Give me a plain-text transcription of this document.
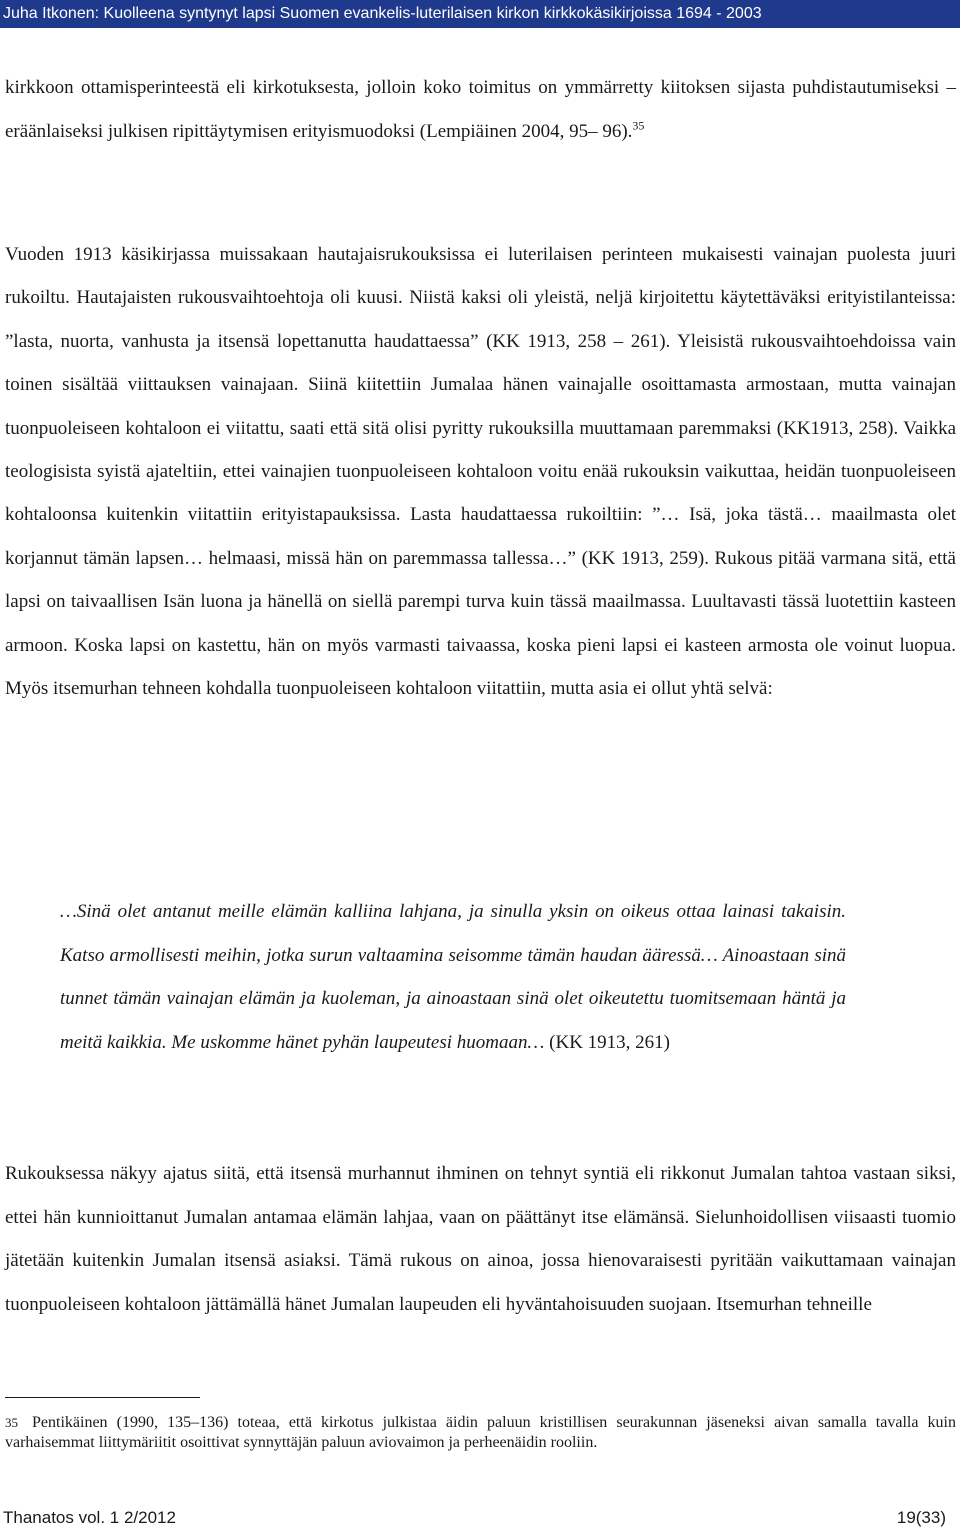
Juha Itkonen: Kuolleena syntynyt lapsi Suomen evankelis-luterilaisen kirkon kirkkokäsikirjoissa 1694 - 2003

kirkkoon ottamisperinteestä eli kirkotuksesta, jolloin koko toimitus on ymmärretty kiitoksen sijasta puhdistautumiseksi – eräänlaiseksi julkisen ripittäytymisen erityismuodoksi (Lempiäinen 2004, 95– 96).$^{35}$

Vuoden 1913 käsikirjassa muissakaan hautajaisrukouksissa ei luterilaisen perinteen mukaisesti vainajan puolesta juuri rukoiltu. Hautajaisten rukousvaihtoehtoja oli kuusi. Niistä kaksi oli yleistä, neljä kirjoitettu käytettäväksi erityistilanteissa: ”lasta, nuorta, vanhusta ja itsensä lopettanutta haudattaessa” (KK 1913, 258 – 261). Yleisistä rukousvaihtoehdoissa vain toinen sisältää viittauksen vainajaan. Siinä kiitettiin Jumalaa hänen vainajalle osoittamasta armostaan, mutta vainajan tuonpuoleiseen kohtaloon ei viitattu, saati että sitä olisi pyritty rukouksilla muuttamaan paremmaksi (KK1913, 258). Vaikka teologisista syistä ajateltiin, ettei vainajien tuonpuoleiseen kohtaloon voitu enää rukouksin vaikuttaa, heidän tuonpuoleiseen kohtaloonsa kuitenkin viitattiin erityistapauksissa. Lasta haudattaessa rukoiltiin: ”… Isä, joka tästä… maailmasta olet korjannut tämän lapsen… helmaasi, missä hän on paremmassa tallessa…” (KK 1913, 259). Rukous pitää varmana sitä, että lapsi on taivaallisen Isän luona ja hänellä on siellä parempi turva kuin tässä maailmassa. Luultavasti tässä luotettiin kasteen armoon. Koska lapsi on kastettu, hän on myös varmasti taivaassa, koska pieni lapsi ei kasteen armosta ole voinut luopua. Myös itsemurhan tehneen kohdalla tuonpuoleiseen kohtaloon viitattiin, mutta asia ei ollut yhtä selvä:

…Sinä olet antanut meille elämän kalliina lahjana, ja sinulla yksin on oikeus ottaa lainasi takaisin. Katso armollisesti meihin, jotka surun valtaamina seisomme tämän haudan ääressä… Ainoastaan sinä tunnet tämän vainajan elämän ja kuoleman, ja ainoastaan sinä olet oikeutettu tuomitsemaan häntä ja meitä kaikkia. Me uskomme hänet pyhän laupeutesi huomaan… (KK 1913, 261)

Rukouksessa näkyy ajatus siitä, että itsensä murhannut ihminen on tehnyt syntiä eli rikkonut Jumalan tahtoa vastaan siksi, ettei hän kunnioittanut Jumalan antamaa elämän lahjaa, vaan on päättänyt itse elämänsä. Sielunhoidollisen viisaasti tuomio jätetään kuitenkin Jumalan itsensä asiaksi. Tämä rukous on ainoa, jossa hienovaraisesti pyritään vaikuttamaan vainajan tuonpuoleiseen kohtaloon jättämällä hänet Jumalan laupeuden eli hyväntahoisuuden suojaan. Itsemurhan tehneille

35 Pentikäinen (1990, 135–136) toteaa, että kirkotus julkistaa äidin paluun kristillisen seurakunnan jäseneksi aivan samalla tavalla kuin varhaisemmat liittymäriitit osoittivat synnyttäjän paluun aviovaimon ja perheenäidin rooliin.

Thanatos vol. 1 2/2012	19(33)
